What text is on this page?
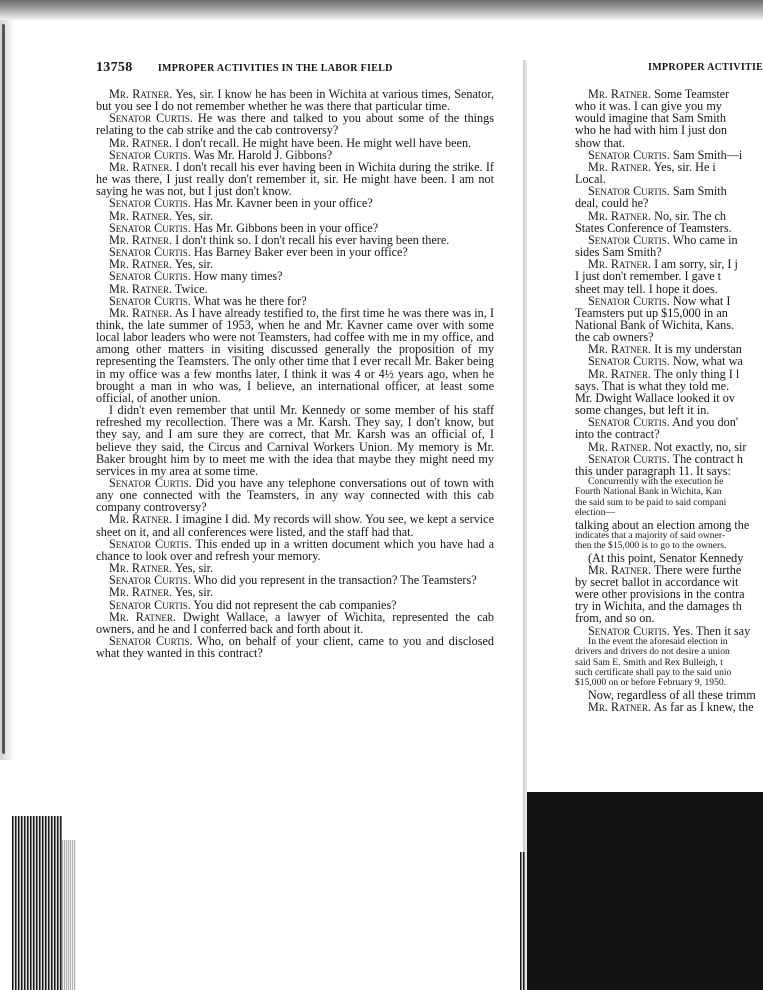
13758	IMPROPER ACTIVITIES IN THE LABOR FIELD	IMPROPER ACTIVITIE

Mr. Ratner. Yes, sir. I know he has been in Wichita at various times, Senator, but you see I do not remember whether he was there that particular time.

Senator Curtis. He was there and talked to you about some of the things relating to the cab strike and the cab controversy?

Mr. Ratner. I don't recall. He might have been. He might well have been.

Senator Curtis. Was Mr. Harold J. Gibbons?

Mr. Ratner. I don't recall his ever having been in Wichita during the strike. If he was there, I just really don't remember it, sir. He might have been. I am not saying he was not, but I just don't know.

Senator Curtis. Has Mr. Kavner been in your office?

Mr. Ratner. Yes, sir.

Senator Curtis. Has Mr. Gibbons been in your office?

Mr. Ratner. I don't think so. I don't recall his ever having been there.

Senator Curtis. Has Barney Baker ever been in your office?

Mr. Ratner. Yes, sir.

Senator Curtis. How many times?

Mr. Ratner. Twice.

Senator Curtis. What was he there for?

Mr. Ratner. As I have already testified to, the first time he was there was in, I think, the late summer of 1953, when he and Mr. Kavner came over with some local labor leaders who were not Teamsters, had coffee with me in my office, and among other matters in visiting discussed generally the proposition of my representing the Teamsters. The only other time that I ever recall Mr. Baker being in my office was a few months later, I think it was 4 or 4½ years ago, when he brought a man in who was, I believe, an international officer, at least some official, of another union.

I didn't even remember that until Mr. Kennedy or some member of his staff refreshed my recollection. There was a Mr. Karsh. They say, I don't know, but they say, and I am sure they are correct, that Mr. Karsh was an official of, I believe they said, the Circus and Carnival Workers Union. My memory is Mr. Baker brought him by to meet me with the idea that maybe they might need my services in my area at some time.

Senator Curtis. Did you have any telephone conversations out of town with any one connected with the Teamsters, in any way connected with this cab company controversy?

Mr. Ratner. I imagine I did. My records will show. You see, we kept a service sheet on it, and all conferences were listed, and the staff had that.

Senator Curtis. This ended up in a written document which you have had a chance to look over and refresh your memory.

Mr. Ratner. Yes, sir.

Senator Curtis. Who did you represent in the transaction? The Teamsters?

Mr. Ratner. Yes, sir.

Senator Curtis. You did not represent the cab companies?

Mr. Ratner. Dwight Wallace, a lawyer of Wichita, represented the cab owners, and he and I conferred back and forth about it.

Senator Curtis. Who, on behalf of your client, came to you and disclosed what they wanted in this contract?

Mr. Ratner. Some Teamster

who it was. I can give you my

would imagine that Sam Smith

who he had with him I just don

show that.

Senator Curtis. Sam Smith—i

Mr. Ratner. Yes, sir. He i

Local.

Senator Curtis. Sam Smith

deal, could he?

Mr. Ratner. No, sir. The ch

States Conference of Teamsters.

Senator Curtis. Who came in

sides Sam Smith?

Mr. Ratner. I am sorry, sir, I j

I just don't remember. I gave t

sheet may tell. I hope it does.

Senator Curtis. Now what I

Teamsters put up $15,000 in an

National Bank of Wichita, Kans.

the cab owners?

Mr. Ratner. It is my understan

Senator Curtis. Now, what wa

Mr. Ratner. The only thing I l

says. That is what they told me.

Mr. Dwight Wallace looked it ov

some changes, but left it in.

Senator Curtis. And you don'

into the contract?

Mr. Ratner. Not exactly, no, sir

Senator Curtis. The contract h

this under paragraph 11. It says:

Concurrently with the execution he

Fourth National Bank in Wichita, Kan

the said sum to be paid to said compani

election—

talking about an election among the

indicates that a majority of said owner-

then the $15,000 is to go to the owners.

(At this point, Senator Kennedy

Mr. Ratner. There were furthe

by secret ballot in accordance wit

were other provisions in the contra

try in Wichita, and the damages th

from, and so on.

Senator Curtis. Yes. Then it say

In the event the aforesaid election in

drivers and drivers do not desire a union

said Sam E. Smith and Rex Bulleigh, t

such certificate shall pay to the said unio

$15,000 on or before February 9, 1950.

Now, regardless of all these trimm

Mr. Ratner. As far as I knew, the
